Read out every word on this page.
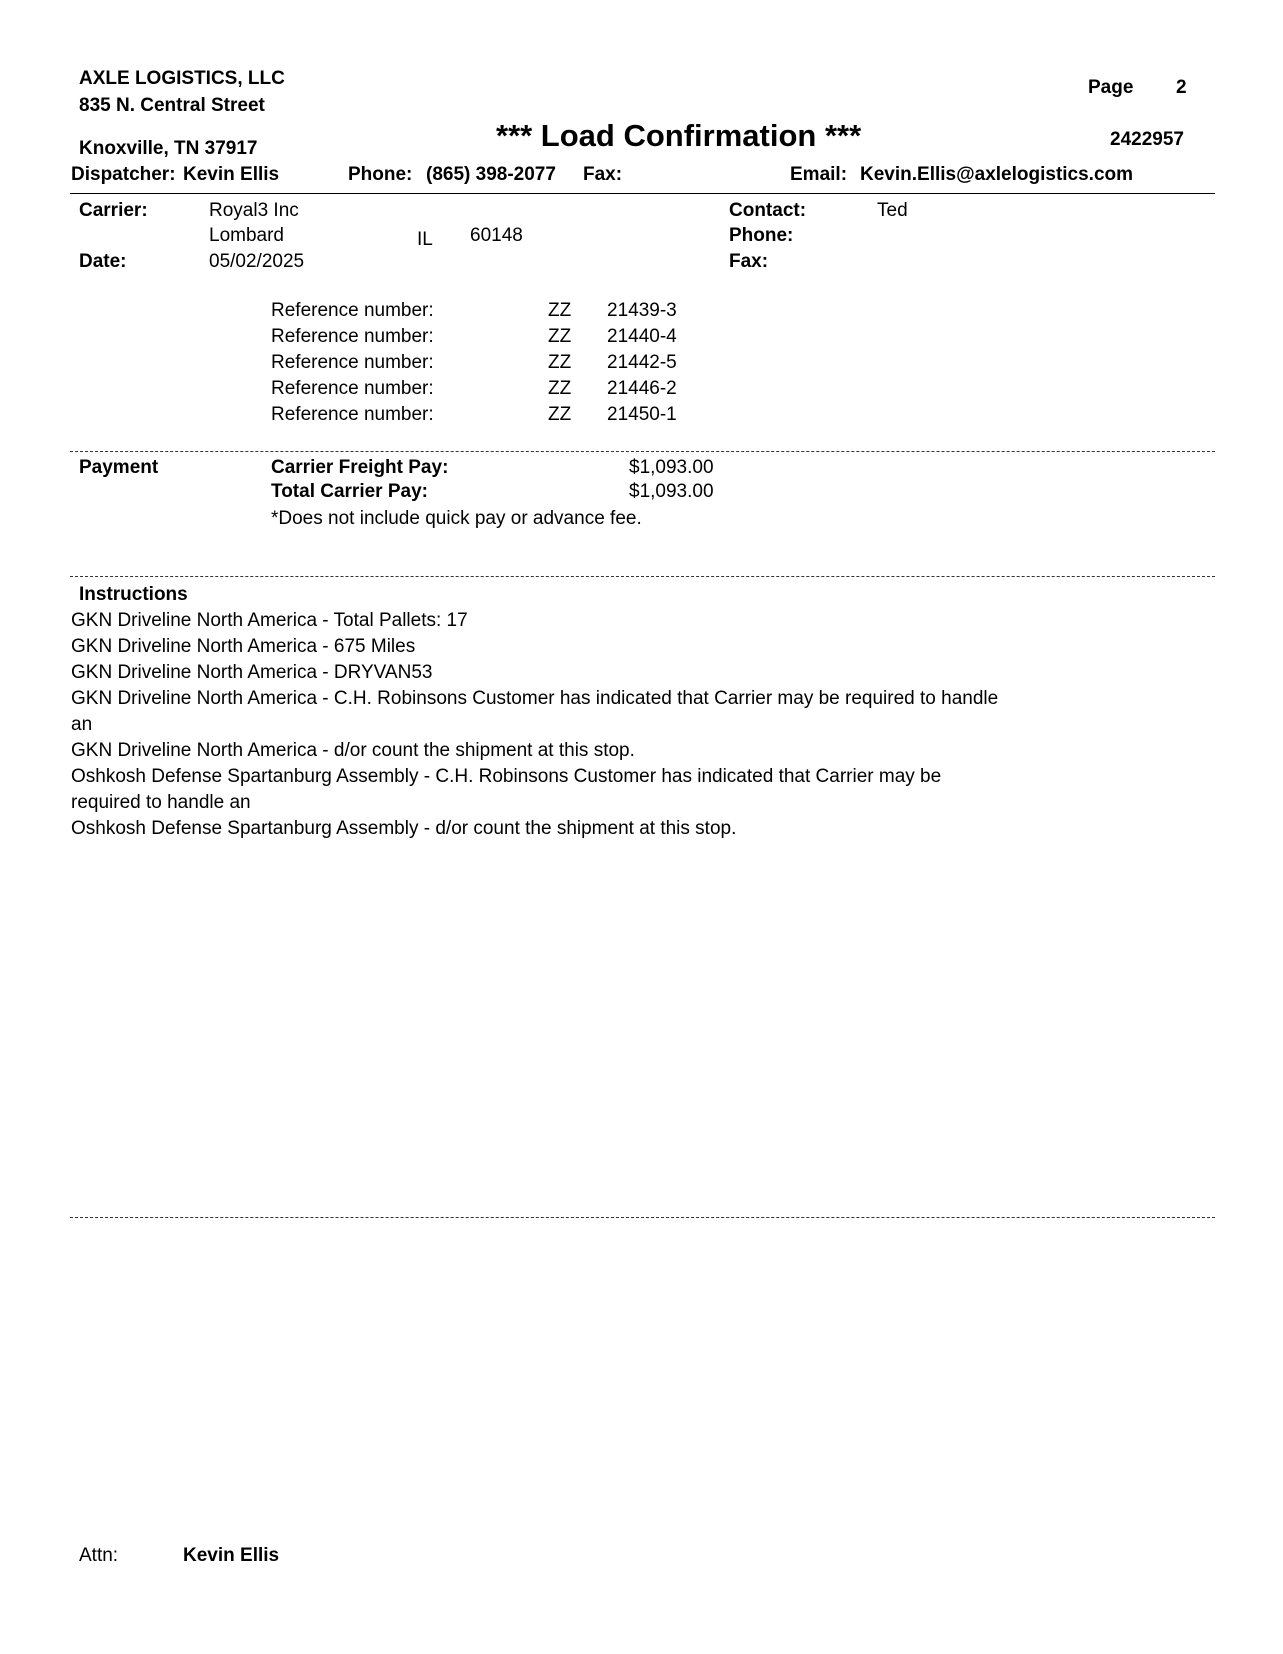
AXLE LOGISTICS, LLC
835 N. Central Street
Knoxville, TN 37917
Page 2
*** Load Confirmation ***	2422957
Dispatcher: Kevin Ellis	Phone: (865) 398-2077 Fax:	Email: Kevin.Ellis@axlelogistics.com
Carrier:	Royal3 Inc
Lombard	IL 60148
Date:	05/02/2025
Contact:	Ted
Phone:
Fax:
Reference number:	ZZ 21439-3
Reference number:	ZZ 21440-4
Reference number:	ZZ 21442-5
Reference number:	ZZ 21446-2
Reference number:	ZZ 21450-1
Payment	Carrier Freight Pay:	$1,093.00
Total Carrier Pay:	$1,093.00
*Does not include quick pay or advance fee.
Instructions
GKN Driveline North America - Total Pallets: 17
GKN Driveline North America - 675 Miles
GKN Driveline North America - DRYVAN53
GKN Driveline North America - C.H. Robinsons Customer has indicated that Carrier may be required to handle
an
GKN Driveline North America - d/or count the shipment at this stop.
Oshkosh Defense Spartanburg Assembly - C.H. Robinsons Customer has indicated that Carrier may be
required to handle an
Oshkosh Defense Spartanburg Assembly - d/or count the shipment at this stop.
Attn:	Kevin Ellis
